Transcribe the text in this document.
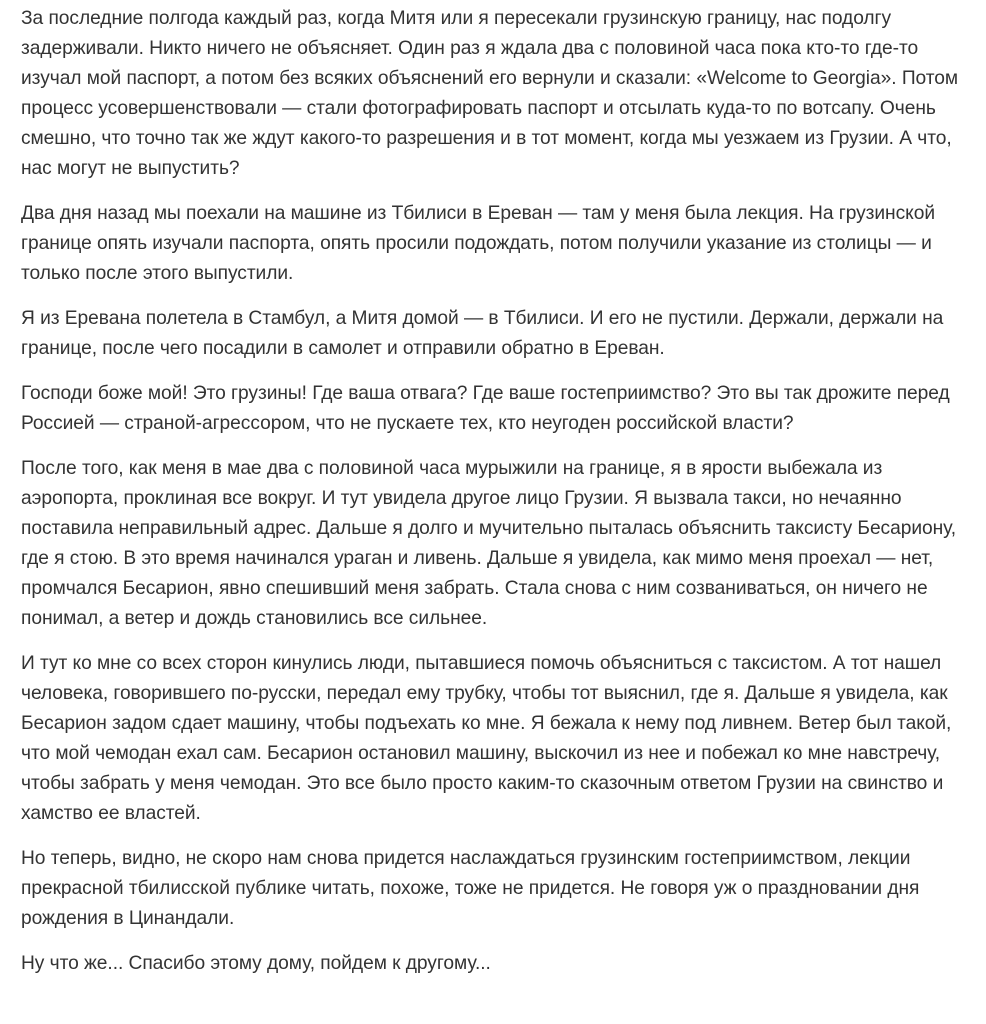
За последние полгода каждый раз, когда Митя или я пересекали грузинскую границу, нас подолгу задерживали. Никто ничего не объясняет. Один раз я ждала два с половиной часа пока кто-то где-то изучал мой паспорт, а потом без всяких объяснений его вернули и сказали: «Welcome to Georgia». Потом процесс усовершенствовали — стали фотографировать паспорт и отсылать куда-то по вотсапу. Очень смешно, что точно так же ждут какого-то разрешения и в тот момент, когда мы уезжаем из Грузии. А что, нас могут не выпустить?

Два дня назад мы поехали на машине из Тбилиси в Ереван — там у меня была лекция. На грузинской границе опять изучали паспорта, опять просили подождать, потом получили указание из столицы — и только после этого выпустили.

Я из Еревана полетела в Стамбул, а Митя домой — в Тбилиси. И его не пустили. Держали, держали на границе, после чего посадили в самолет и отправили обратно в Ереван.

Господи боже мой! Это грузины! Где ваша отвага? Где ваше гостеприимство? Это вы так дрожите перед Россией — страной-агрессором, что не пускаете тех, кто неугоден российской власти?

После того, как меня в мае два с половиной часа мурыжили на границе, я в ярости выбежала из аэропорта, проклиная все вокруг. И тут увидела другое лицо Грузии. Я вызвала такси, но нечаянно поставила неправильный адрес. Дальше я долго и мучительно пыталась объяснить таксисту Бесариону, где я стою. В это время начинался ураган и ливень. Дальше я увидела, как мимо меня проехал — нет, промчался Бесарион, явно спешивший меня забрать. Стала снова с ним созваниваться, он ничего не понимал, а ветер и дождь становились все сильнее.

И тут ко мне со всех сторон кинулись люди, пытавшиеся помочь объясниться с таксистом. А тот нашел человека, говорившего по-русски, передал ему трубку, чтобы тот выяснил, где я. Дальше я увидела, как Бесарион задом сдает машину, чтобы подъехать ко мне. Я бежала к нему под ливнем. Ветер был такой, что мой чемодан ехал сам. Бесарион остановил машину, выскочил из нее и побежал ко мне навстречу, чтобы забрать у меня чемодан. Это все было просто каким-то сказочным ответом Грузии на свинство и хамство ее властей.

Но теперь, видно, не скоро нам снова придется наслаждаться грузинским гостеприимством, лекции прекрасной тбилисской публике читать, похоже, тоже не придется. Не говоря уж о праздновании дня рождения в Цинандали.

Ну что же... Спасибо этому дому, пойдем к другому...
